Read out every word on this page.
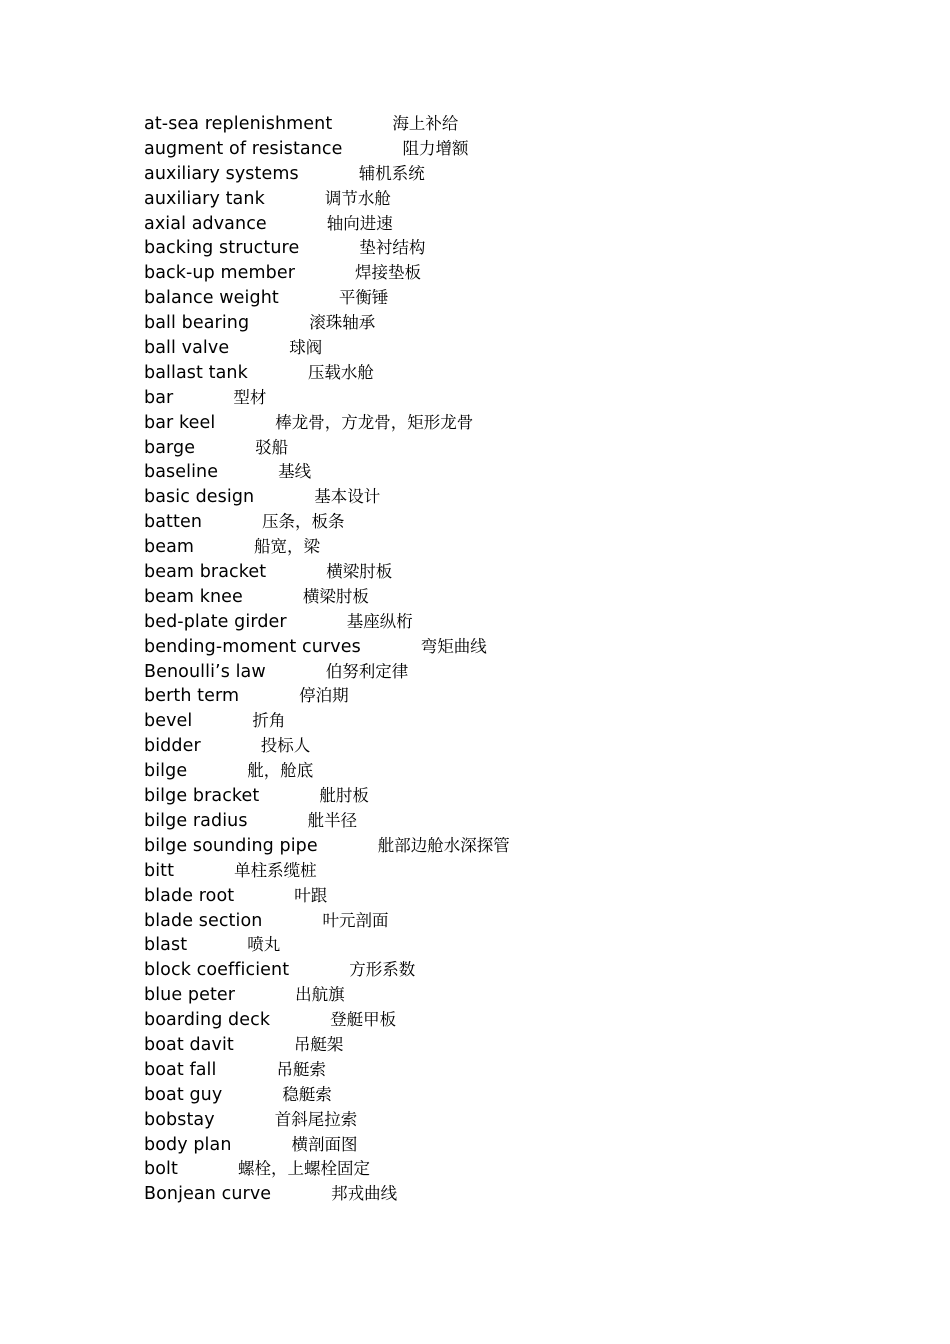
at-sea replenishment	海上补给
augment of resistance	阻力增额
auxiliary systems	辅机系统
auxiliary tank	调节水舱
axial advance	轴向进速
backing structure	垫衬结构
back-up member	焊接垫板
balance weight	平衡锤
ball bearing	滚珠轴承
ball valve	球阀
ballast tank	压载水舱
bar	型材
bar keel	棒龙骨，方龙骨，矩形龙骨
barge	驳船
baseline	基线
basic design	基本设计
batten	压条，板条
beam	船宽，梁
beam bracket	横梁肘板
beam knee	横梁肘板
bed-plate girder	基座纵桁
bending-moment curves	弯矩曲线
Benoulli’s law	伯努利定律
berth term	停泊期
bevel	折角
bidder	投标人
bilge	舭，舱底
bilge bracket	舭肘板
bilge radius	舭半径
bilge sounding pipe	舭部边舱水深探管
bitt	单柱系缆桩
blade root	叶跟
blade section	叶元剖面
blast	喷丸
block coefficient	方形系数
blue peter	出航旗
boarding deck	登艇甲板
boat davit	吊艇架
boat fall	吊艇索
boat guy	稳艇索
bobstay	首斜尾拉索
body plan	横剖面图
bolt	螺栓，上螺栓固定
Bonjean curve	邦戎曲线
